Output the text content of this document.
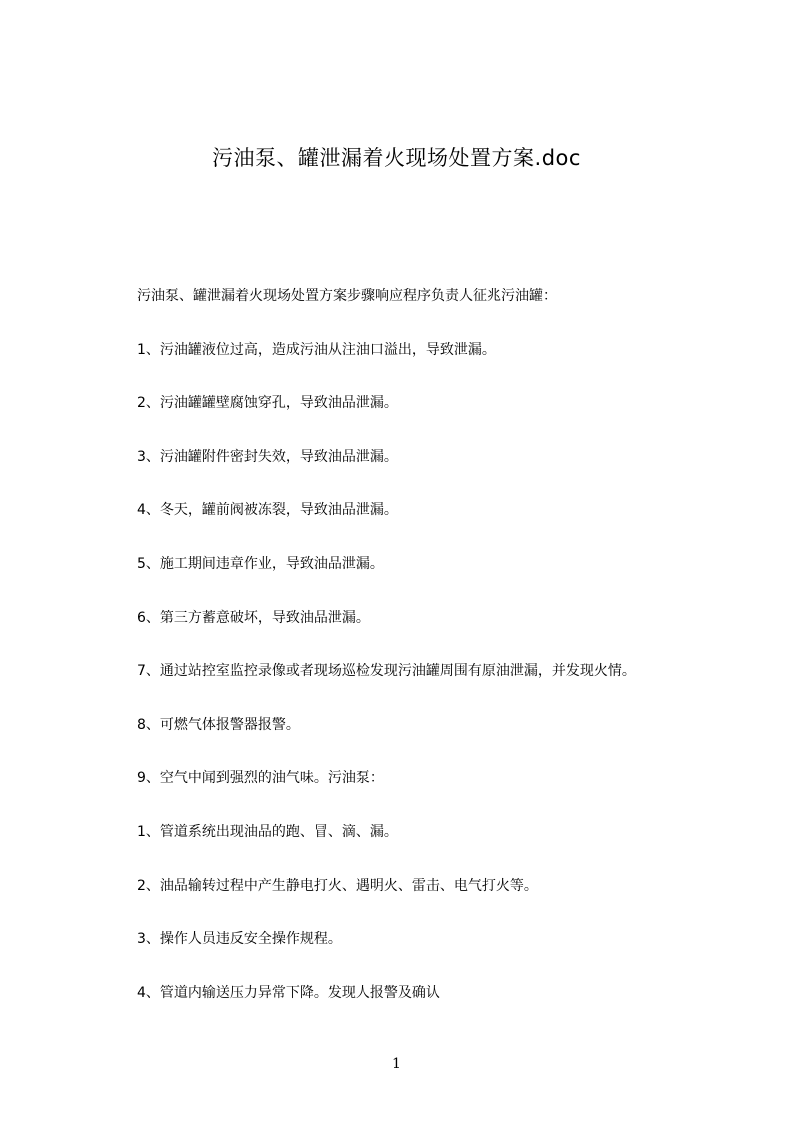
污油泵、罐泄漏着火现场处置方案.doc

污油泵、罐泄漏着火现场处置方案步骤响应程序负责人征兆污油罐：

1、污油罐液位过高，造成污油从注油口溢出，导致泄漏。

2、污油罐罐壁腐蚀穿孔，导致油品泄漏。

3、污油罐附件密封失效，导致油品泄漏。

4、冬天，罐前阀被冻裂，导致油品泄漏。

5、施工期间违章作业，导致油品泄漏。

6、第三方蓄意破坏，导致油品泄漏。

7、通过站控室监控录像或者现场巡检发现污油罐周围有原油泄漏，并发现火情。

8、可燃气体报警器报警。

9、空气中闻到强烈的油气味。污油泵：

1、管道系统出现油品的跑、冒、滴、漏。

2、油品输转过程中产生静电打火、遇明火、雷击、电气打火等。

3、操作人员违反安全操作规程。

4、管道内输送压力异常下降。发现人报警及确认

1
